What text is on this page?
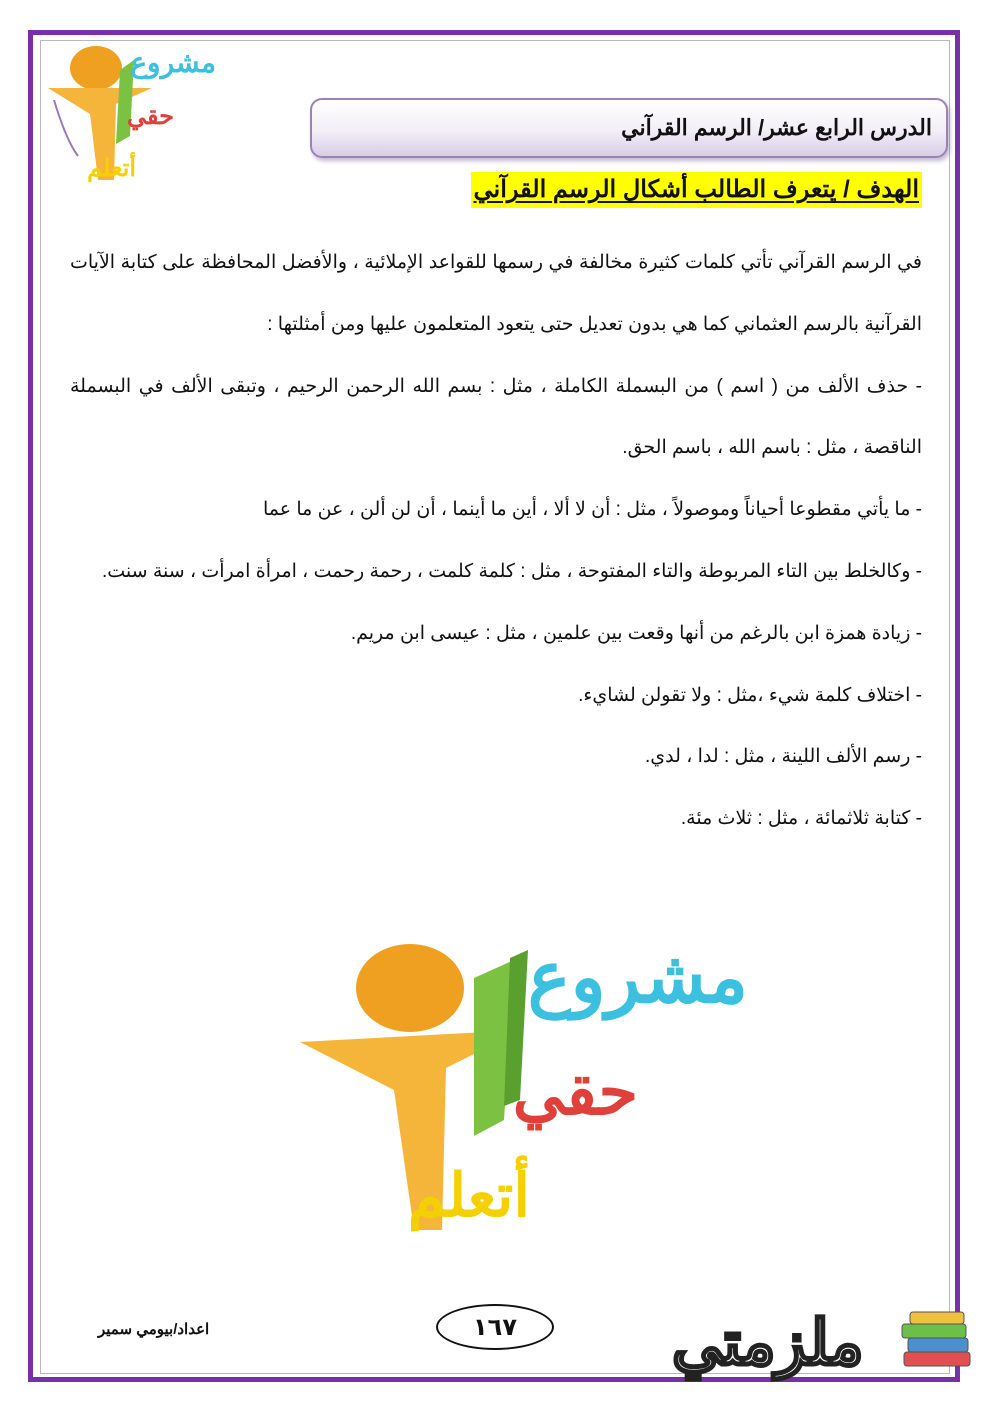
مشروع
حقي
أتعلم
الدرس الرابع عشر/ الرسم القرآني
الهدف / يتعرف الطالب أشكال الرسم القرآني

في الرسم القرآني تأتي كلمات كثيرة مخالفة في رسمها للقواعد الإملائية ، والأفضل المحافظة على كتابة الآيات القرآنية بالرسم العثماني كما هي بدون تعديل حتى يتعود المتعلمون عليها ومن أمثلتها :

- حذف الألف من ( اسم ) من البسملة الكاملة ، مثل : بسم الله الرحمن الرحيم ، وتبقى الألف في البسملة الناقصة ، مثل : باسم الله ، باسم الحق.

- ما يأتي مقطوعا أحياناً وموصولاً ، مثل : أن لا ألا ، أين ما أينما ، أن لن ألن ، عن ما عما

- وكالخلط بين التاء المربوطة والتاء المفتوحة ، مثل : كلمة كلمت ، رحمة رحمت ، امرأة امرأت ، سنة سنت.

- زيادة همزة ابن بالرغم من أنها وقعت بين علمين ، مثل : عيسى ابن مريم.

- اختلاف كلمة شيء ،مثل : ولا تقولن لشايء.

- رسم الألف اللينة ، مثل : لدا ، لدي.

- كتابة ثلاثمائة ، مثل : ثلاث مئة.

مشروع
حقي
أتعلم
١٦٧
اعداد/بيومي سمير	ملزمتي
